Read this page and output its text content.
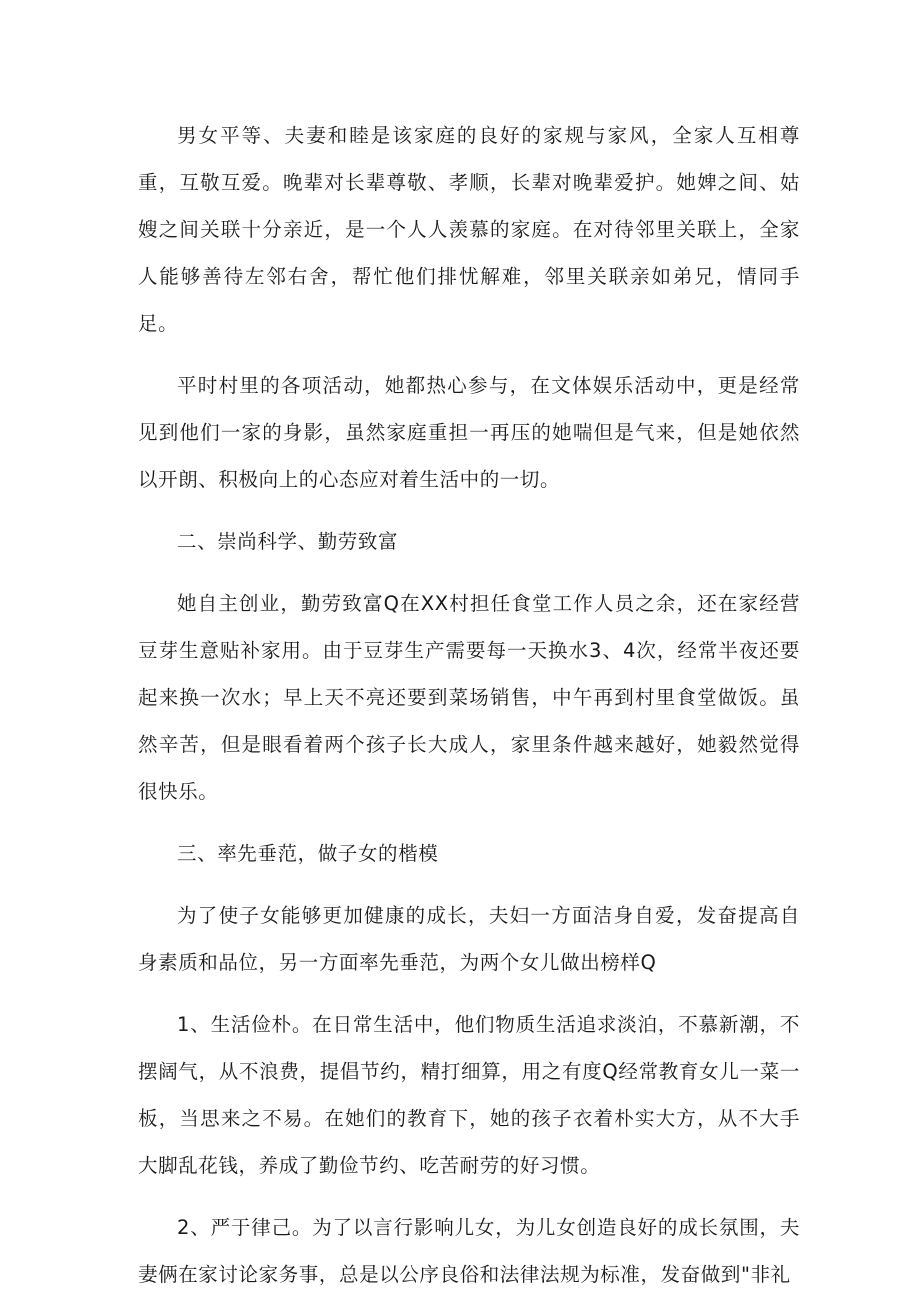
男女平等、夫妻和睦是该家庭的良好的家规与家风，全家人互相尊重，互敬互爱。晚辈对长辈尊敬、孝顺，长辈对晚辈爱护。她婢之间、姑嫂之间关联十分亲近，是一个人人羡慕的家庭。在对待邻里关联上，全家人能够善待左邻右舍，帮忙他们排忧解难，邻里关联亲如弟兄，情同手足。

平时村里的各项活动，她都热心参与，在文体娱乐活动中，更是经常见到他们一家的身影，虽然家庭重担一再压的她喘但是气来，但是她依然以开朗、积极向上的心态应对着生活中的一切。

二、崇尚科学、勤劳致富

她自主创业，勤劳致富Q在XX村担任食堂工作人员之余，还在家经营豆芽生意贴补家用。由于豆芽生产需要每一天换水3、4次，经常半夜还要起来换一次水；早上天不亮还要到菜场销售，中午再到村里食堂做饭。虽然辛苦，但是眼看着两个孩子长大成人，家里条件越来越好，她毅然觉得很快乐。

三、率先垂范，做子女的楷模

为了使子女能够更加健康的成长，夫妇一方面洁身自爱，发奋提高自身素质和品位，另一方面率先垂范，为两个女儿做出榜样Q

1、生活俭朴。在日常生活中，他们物质生活追求淡泊，不慕新潮，不摆阔气，从不浪费，提倡节约，精打细算，用之有度Q经常教育女儿一菜一板，当思来之不易。在她们的教育下，她的孩子衣着朴实大方，从不大手大脚乱花钱，养成了勤俭节约、吃苦耐劳的好习惯。

2、严于律己。为了以言行影响儿女，为儿女创造良好的成长氛围，夫妻俩在家讨论家务事，总是以公序良俗和法律法规为标准，发奋做到"非礼
